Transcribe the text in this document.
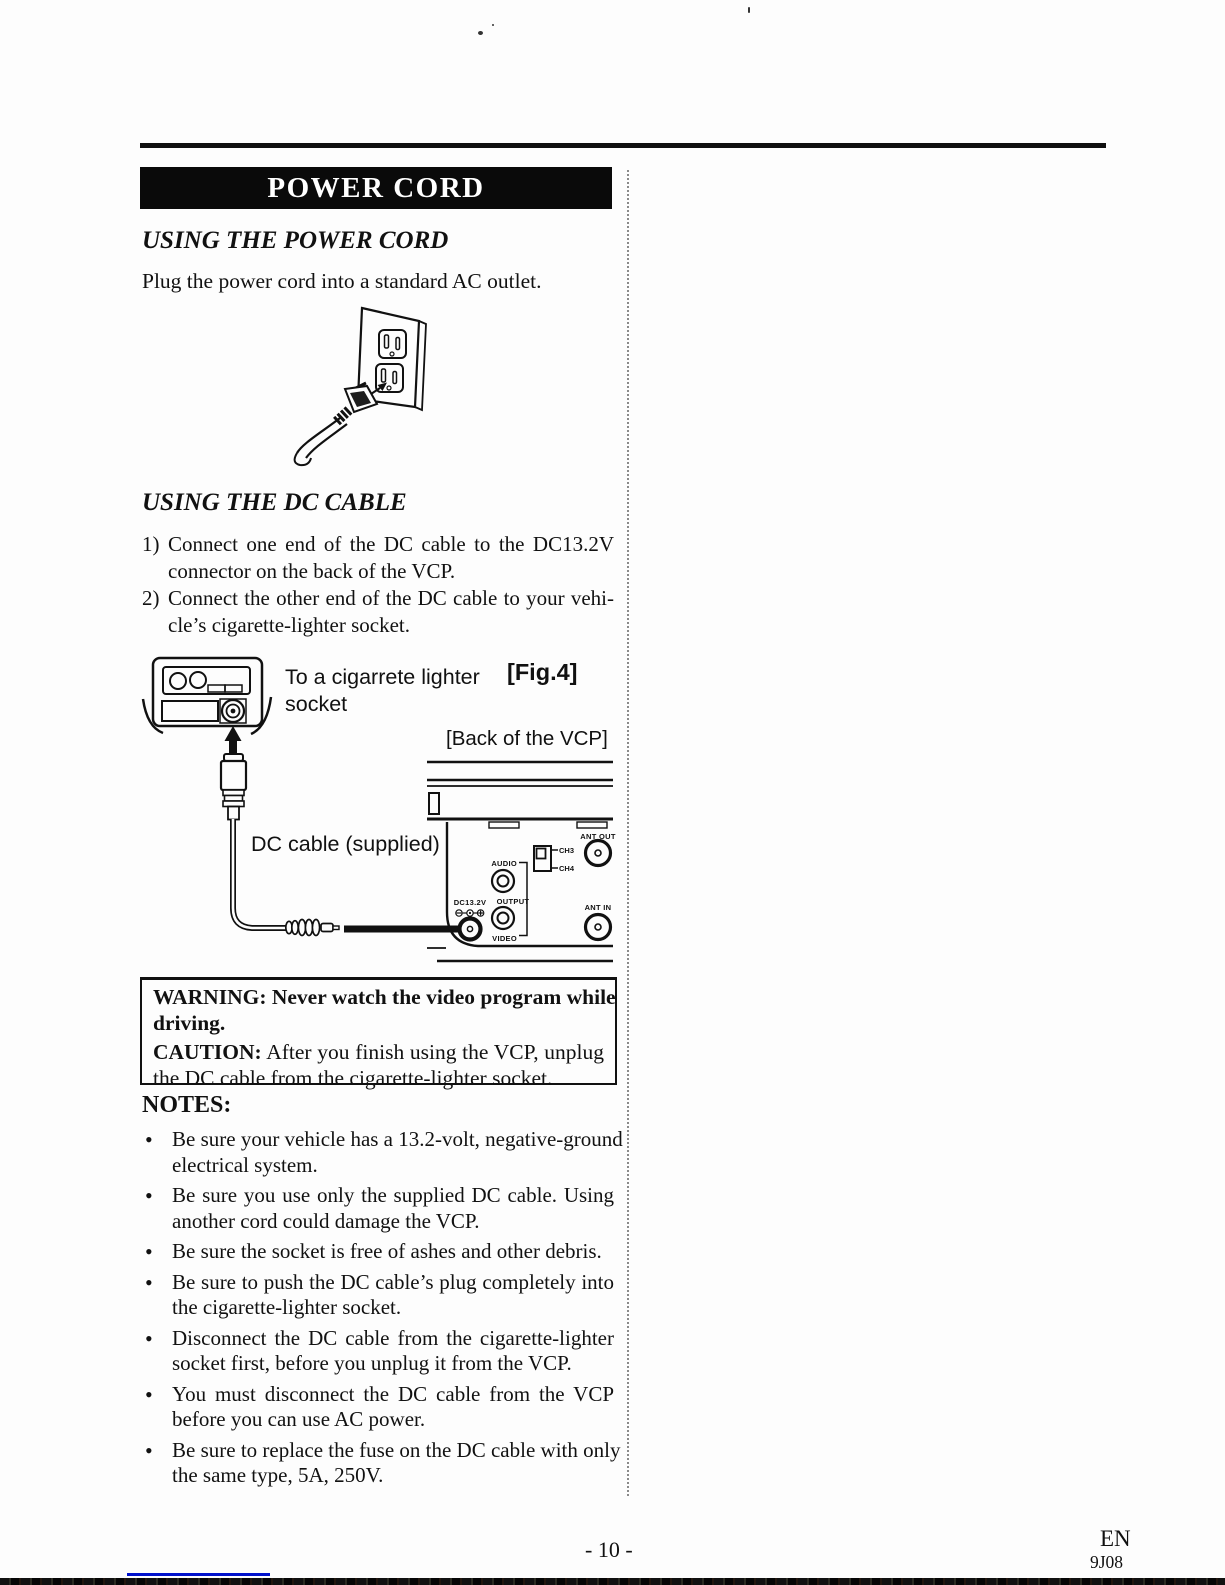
POWER CORD
USING THE POWER CORD
Plug the power cord into a standard AC outlet.
USING THE DC CABLE
1) Connect one end of the DC cable to the DC13.2V
connector on the back of the VCP.
2) Connect the other end of the DC cable to your vehi-
cle’s cigarette-lighter socket.
ANT OUT
CH3
CH4
AUDIO
OUTPUT
VIDEO
DC13.2V
ANT IN
To a cigarrete lighter
socket
[Fig.4]
[Back of the VCP]
DC cable (supplied)
WARNING: Never watch the video program while
driving.
CAUTION: After you finish using the VCP, unplug
the DC cable from the cigarette-lighter socket.
NOTES:
• Be sure your vehicle has a 13.2-volt, negative-ground
electrical system.
• Be sure you use only the supplied DC cable. Using
another cord could damage the VCP.
• Be sure the socket is free of ashes and other debris.
• Be sure to push the DC cable’s plug completely into
the cigarette-lighter socket.
• Disconnect the DC cable from the cigarette-lighter
socket first, before you unplug it from the VCP.
• You must disconnect the DC cable from the VCP
before you can use AC power.
• Be sure to replace the fuse on the DC cable with only
the same type, 5A, 250V.
- 10 -	EN
9J08
